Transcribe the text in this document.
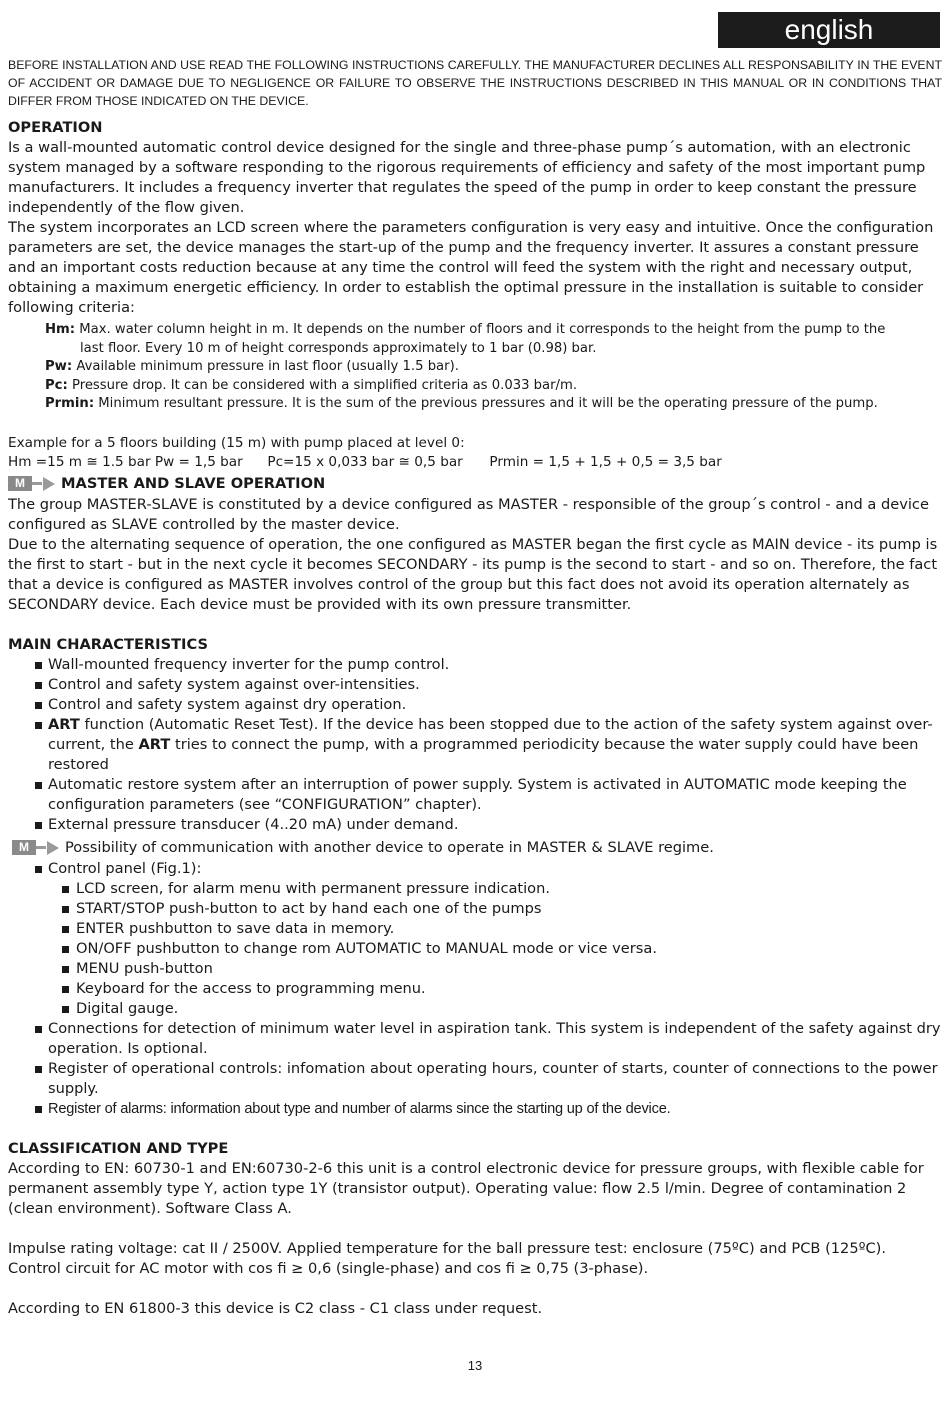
english

BEFORE INSTALLATION AND USE READ THE FOLLOWING INSTRUCTIONS CAREFULLY. THE MANUFACTURER DECLINES ALL RESPONSABILITY IN THE EVENT OF ACCIDENT OR DAMAGE DUE TO NEGLIGENCE OR FAILURE TO OBSERVE THE INSTRUCTIONS DESCRIBED IN THIS MANUAL OR IN CONDITIONS THAT DIFFER FROM THOSE INDICATED ON THE DEVICE.

OPERATION

Is a wall-mounted automatic control device designed for the single and three-phase pump´s automation, with an electronic system managed by a software responding to the rigorous requirements of efficiency and safety of the most important pump manufacturers. It includes a frequency inverter that regulates the speed of the pump in order to keep constant the pressure independently of the flow given.

The system incorporates an LCD screen where the parameters configuration is very easy and intuitive. Once the configuration parameters are set, the device manages the start-up of the pump and the frequency inverter. It assures a constant pressure and an important costs reduction because at any time the control will feed the system with the right and necessary output, obtaining a maximum energetic efficiency. In order to establish the optimal pressure in the installation is suitable to consider following criteria:

Hm: Max. water column height in m. It depends on the number of floors and it corresponds to the height from the pump to the
last floor. Every 10 m of height corresponds approximately to 1 bar (0.98) bar.
Pw: Available minimum pressure in last floor (usually 1.5 bar).
Pc: Pressure drop. It can be considered with a simplified criteria as 0.033 bar/m.
Prmin: Minimum resultant pressure. It is the sum of the previous pressures and it will be the operating pressure of the pump.

Example for a 5 floors building (15 m) with pump placed at level 0:

Hm =15 m ≅ 1.5 bar Pw = 1,5 bar Pc=15 x 0,033 bar ≅ 0,5 bar Prmin = 1,5 + 1,5 + 0,5 = 3,5 bar

M	MASTER AND SLAVE OPERATION

The group MASTER-SLAVE is constituted by a device configured as MASTER - responsible of the group´s control - and a device configured as SLAVE controlled by the master device.

Due to the alternating sequence of operation, the one configured as MASTER began the first cycle as MAIN device - its pump is the first to start - but in the next cycle it becomes SECONDARY - its pump is the second to start - and so on. Therefore, the fact that a device is configured as MASTER involves control of the group but this fact does not avoid its operation alternately as SECONDARY device. Each device must be provided with its own pressure transmitter.

MAIN CHARACTERISTICS

Wall-mounted frequency inverter for the pump control.
Control and safety system against over-intensities.
Control and safety system against dry operation.
ART function (Automatic Reset Test). If the device has been stopped due to the action of the safety system against over-current, the ART tries to connect the pump, with a programmed periodicity because the water supply could have been restored
Automatic restore system after an interruption of power supply. System is activated in AUTOMATIC mode keeping the configuration parameters (see “CONFIGURATION” chapter).
External pressure transducer (4..20 mA) under demand.
M	Possibility of communication with another device to operate in MASTER & SLAVE regime.
Control panel (Fig.1):
LCD screen, for alarm menu with permanent pressure indication.
START/STOP push-button to act by hand each one of the pumps
ENTER pushbutton to save data in memory.
ON/OFF pushbutton to change rom AUTOMATIC to MANUAL mode or vice versa.
MENU push-button
Keyboard for the access to programming menu.
Digital gauge.
Connections for detection of minimum water level in aspiration tank. This system is independent of the safety against dry operation. Is optional.
Register of operational controls: infomation about operating hours, counter of starts, counter of connections to the power supply.
Register of alarms: information about type and number of alarms since the starting up of the device.

CLASSIFICATION AND TYPE

According to EN: 60730-1 and EN:60730-2-6 this unit is a control electronic device for pressure groups, with flexible cable for permanent assembly type Y, action type 1Y (transistor output). Operating value: flow 2.5 l/min. Degree of contamination 2 (clean environment). Software Class A.

Impulse rating voltage: cat II / 2500V. Applied temperature for the ball pressure test: enclosure (75ºC) and PCB (125ºC).

Control circuit for AC motor with cos fi ≥ 0,6 (single-phase) and cos fi ≥ 0,75 (3-phase).

According to EN 61800-3 this device is C2 class - C1 class under request.

13
